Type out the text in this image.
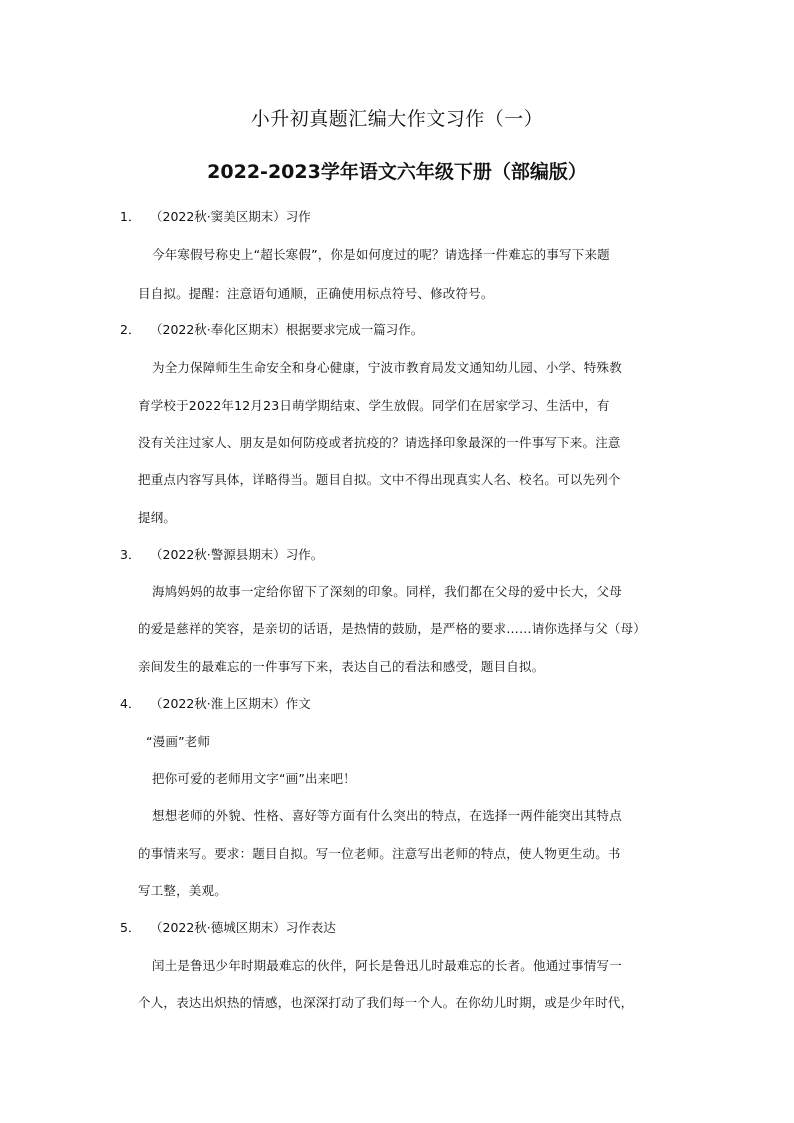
小升初真题汇编大作文习作（一）
2022-2023学年语文六年级下册（部编版）
1． （2022秋·窦美区期末）习作
今年寒假号称史上“超长寒假”，你是如何度过的呢？请选择一件难忘的事写下来题
目自拟。提醒：注意语句通顺，正确使用标点符号、修改符号。
2． （2022秋·奉化区期末）根据要求完成一篇习作。
为全力保障师生生命安全和身心健康，宁波市教育局发文通知幼儿园、小学、特殊教
育学校于2022年12月23日萌学期结束、学生放假。同学们在居家学习、生活中，有
没有关注过家人、朋友是如何防疫或者抗疫的？请选择印象最深的一件事写下来。注意
把重点内容写具体，详略得当。题目自拟。文中不得出现真实人名、校名。可以先列个
提纲。
3． （2022秋·警源县期末）习作。
海鸠妈妈的故事一定给你留下了深刻的印象。同样，我们都在父母的爱中长大，父母
的爱是慈祥的笑容，是亲切的话语，是热情的鼓励，是严格的要求……请你选择与父（母）
亲间发生的最难忘的一件事写下来，表达自己的看法和感受，题目自拟。
4． （2022秋·淮上区期末）作文
“漫画”老师
把你可爱的老师用文字“画”出来吧！
想想老师的外貌、性格、喜好等方面有什么突出的特点，在选择一两件能突出其特点
的事情来写。要求：题目自拟。写一位老师。注意写出老师的特点，使人物更生动。书
写工整，美观。
5． （2022秋·德城区期末）习作表达
闰土是鲁迅少年时期最难忘的伙伴，阿长是鲁迅儿时最难忘的长者。他通过事情写一
个人，表达出炽热的情感，也深深打动了我们每一个人。在你幼儿时期，或是少年时代，
